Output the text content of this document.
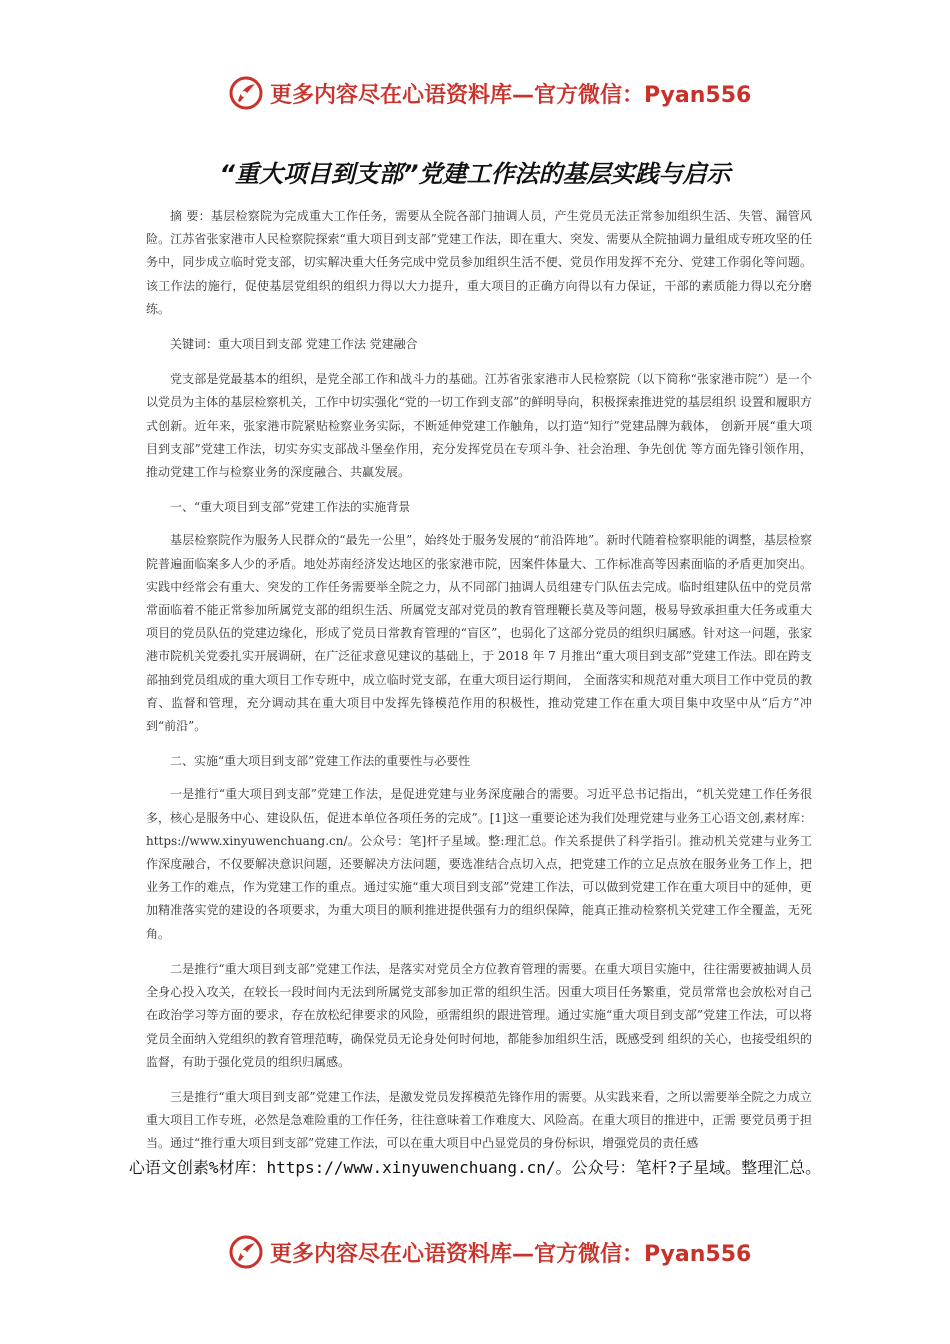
更多内容尽在心语资料库—官方微信：Pyan556
“重大项目到支部”党建工作法的基层实践与启示

摘 要：基层检察院为完成重大工作任务，需要从全院各部门抽调人员，产生党员无法正常参加组织生活、失管、漏管风险。江苏省张家港市人民检察院探索“重大项目到支部”党建工作法，即在重大、突发、需要从全院抽调力量组成专班攻坚的任务中，同步成立临时党支部，切实解决重大任务完成中党员参加组织生活不便、党员作用发挥不充分、党建工作弱化等问题。该工作法的施行，促使基层党组织的组织力得以大力提升，重大项目的正确方向得以有力保证，干部的素质能力得以充分磨练。

关键词：重大项目到支部 党建工作法 党建融合

党支部是党最基本的组织，是党全部工作和战斗力的基础。江苏省张家港市人民检察院（以下简称“张家港市院”）是一个以党员为主体的基层检察机关，工作中切实强化“党的一切工作到支部”的鲜明导向，积极探索推进党的基层组织 设置和履职方式创新。近年来，张家港市院紧贴检察业务实际，不断延伸党建工作触角，以打造“知行”党建品牌为载体， 创新开展“重大项目到支部”党建工作法，切实夯实支部战斗堡垒作用，充分发挥党员在专项斗争、社会治理、争先创优 等方面先锋引领作用，推动党建工作与检察业务的深度融合、共赢发展。

一、“重大项目到支部”党建工作法的实施背景

基层检察院作为服务人民群众的“最先一公里”，始终处于服务发展的“前沿阵地”。新时代随着检察职能的调整，基层检察院普遍面临案多人少的矛盾。地处苏南经济发达地区的张家港市院，因案件体量大、工作标准高等因素面临的矛盾更加突出。实践中经常会有重大、突发的工作任务需要举全院之力，从不同部门抽调人员组建专门队伍去完成。临时组建队伍中的党员常常面临着不能正常参加所属党支部的组织生活、所属党支部对党员的教育管理鞭长莫及等问题，极易导致承担重大任务或重大项目的党员队伍的党建边缘化，形成了党员日常教育管理的“盲区”，也弱化了这部分党员的组织归属感。针对这一问题，张家港市院机关党委扎实开展调研，在广泛征求意见建议的基础上，于 2018 年 7 月推出“重大项目到支部”党建工作法。即在跨支部抽到党员组成的重大项目工作专班中，成立临时党支部，在重大项目运行期间， 全面落实和规范对重大项目工作中党员的教育、监督和管理，充分调动其在重大项目中发挥先锋模范作用的积极性，推动党建工作在重大项目集中攻坚中从“后方”冲到“前沿”。

二、实施“重大项目到支部”党建工作法的重要性与必要性

一是推行“重大项目到支部”党建工作法，是促进党建与业务深度融合的需要。习近平总书记指出，“机关党建工作任务很多，核心是服务中心、建设队伍，促进本单位各项任务的完成”。[1]这一重要论述为我们处理党建与业务工心语文创,素材库：https://www.xinyuwenchuang.cn/。公众号：笔]杆子星域。整:理汇总。作关系提供了科学指引。推动机关党建与业务工作深度融合，不仅要解决意识问题，还要解决方法问题，要选准结合点切入点，把党建工作的立足点放在服务业务工作上，把业务工作的难点，作为党建工作的重点。通过实施“重大项目到支部”党建工作法，可以做到党建工作在重大项目中的延伸，更加精准落实党的建设的各项要求，为重大项目的顺利推进提供强有力的组织保障，能真正推动检察机关党建工作全覆盖，无死角。

二是推行“重大项目到支部”党建工作法，是落实对党员全方位教育管理的需要。在重大项目实施中，往往需要被抽调人员全身心投入攻关，在较长一段时间内无法到所属党支部参加正常的组织生活。因重大项目任务繁重，党员常常也会放松对自己在政治学习等方面的要求，存在放松纪律要求的风险，亟需组织的跟进管理。通过实施“重大项目到支部”党建工作法，可以将党员全面纳入党组织的教育管理范畴，确保党员无论身处何时何地，都能参加组织生活，既感受到 组织的关心，也接受组织的监督，有助于强化党员的组织归属感。

三是推行“重大项目到支部”党建工作法，是激发党员发挥模范先锋作用的需要。从实践来看，之所以需要举全院之力成立重大项目工作专班，必然是急难险重的工作任务，往往意味着工作难度大、风险高。在重大项目的推进中，正需 要党员勇于担当。通过“推行重大项目到支部”党建工作法，可以在重大项目中凸显党员的身份标识，增强党员的责任感

心语文创素%材库：https://www.xinyuwenchuang.cn/。公众号：笔杆?子星域。整理汇总。
更多内容尽在心语资料库—官方微信：Pyan556
